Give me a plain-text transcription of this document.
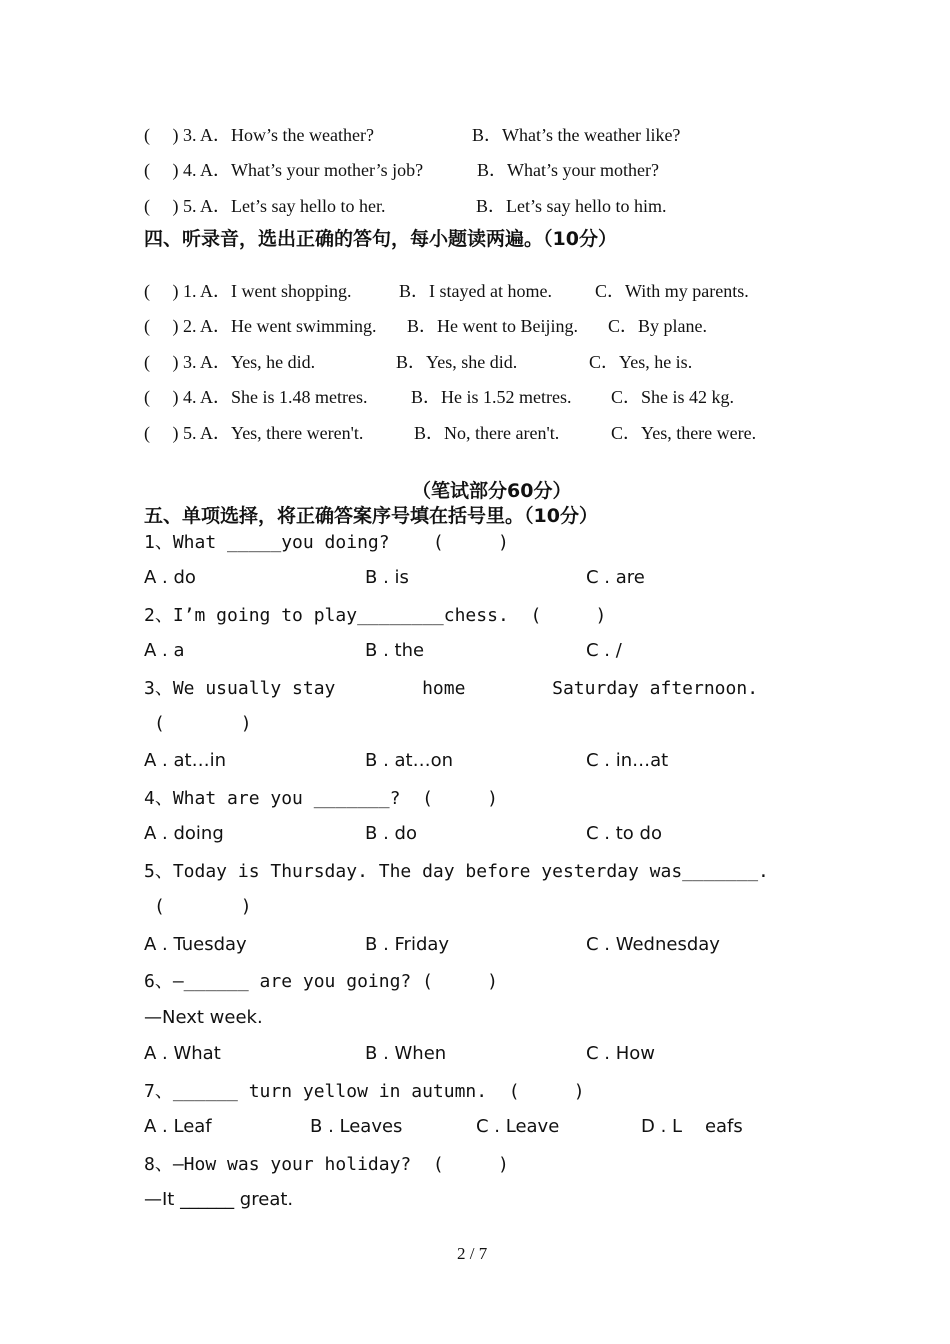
(     ) 3. A．How’s the weather?	B．What’s the weather like?
(     ) 4. A．What’s your mother’s job?	B．What’s your mother?
(     ) 5. A．Let’s say hello to her.	B．Let’s say hello to him.
四、听录音，选出正确的答句，每小题读两遍。（10分）
(     ) 1. A．I went shopping.	B．I stayed at home. C．With my parents.
(     ) 2. A．He went swimming. B．He went to Beijing. C．By plane.
(     ) 3. A．Yes, he did.	B．Yes, she did.	C．Yes, he is.
(     ) 4. A．She is 1.48 metres. B．He is 1.52 metres. C．She is 42 kg.
(     ) 5. A．Yes, there weren't.	B．No, there aren't.	C．Yes, there were.
（笔试部分60分）
五、单项选择，将正确答案序号填在括号里。（10分）
1、What _____you doing?    (     )
A . do	B . is	C . are
2、I’m going to play________chess.  (     )
A . a	B . the	C . /
3、We usually stay        home        Saturday afternoon.
(       )
A . at…in	B . at…on	C . in…at
4、What are you _______?  (     )
A . doing	B . do	C . to do
5、Today is Thursday. The day before yesterday was_______.
(       )
A . Tuesday	B . Friday	C . Wednesday
6、—______ are you going? (     )
—Next week.
A . What	B . When	C . How
7、______ turn yellow in autumn.  (     )
A . Leaf	B . Leaves	C . Leave	D . L    eafs
8、—How was your holiday?  (     )
—It ______ great.
2 / 7
